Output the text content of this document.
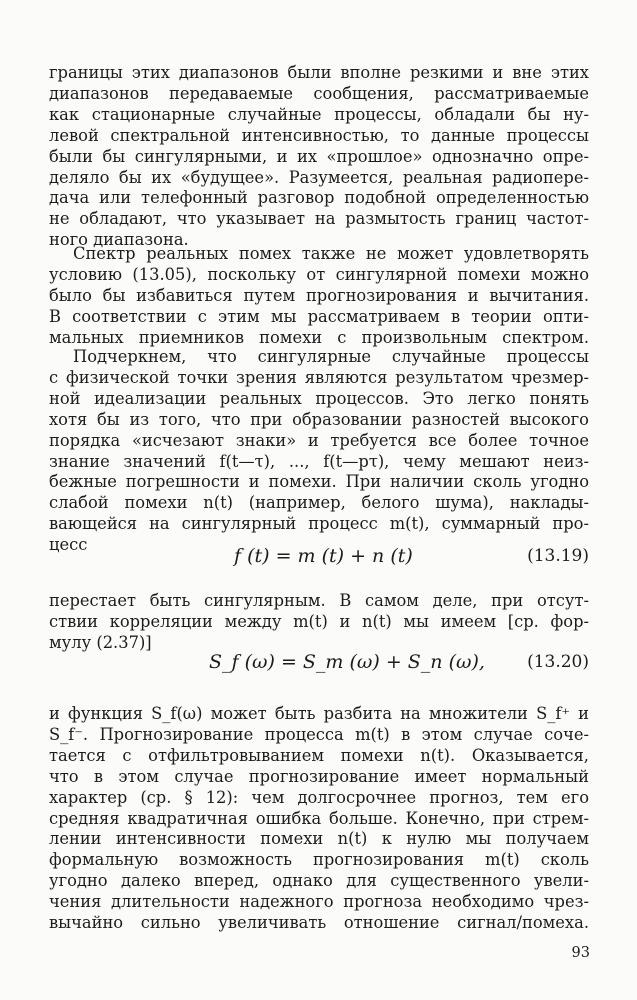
границы этих диапазонов были вполне резкими и вне этих
диапазонов передаваемые сообщения, рассматриваемые
как стационарные случайные процессы, обладали бы ну-
левой спектральной интенсивностью, то данные процессы
были бы сингулярными, и их «прошлое» однозначно опре-
деляло бы их «будущее». Разумеется, реальная радиопере-
дача или телефонный разговор подобной определенностью
не обладают, что указывает на размытость границ частот-
ного диапазона.

Спектр реальных помех также не может удовлетворять
условию (13.05), поскольку от сингулярной помехи можно
было бы избавиться путем прогнозирования и вычитания.
В соответствии с этим мы рассматриваем в теории опти-
мальных приемников помехи с произвольным спектром.

Подчеркнем, что сингулярные случайные процессы
с физической точки зрения являются результатом чрезмер-
ной идеализации реальных процессов. Это легко понять
хотя бы из того, что при образовании разностей высокого
порядка «исчезают знаки» и требуется все более точное
знание значений f(t—τ), ..., f(t—pτ), чему мешают неиз-
бежные погрешности и помехи. При наличии сколь угодно
слабой помехи n(t) (например, белого шума), наклады-
вающейся на сингулярный процесс m(t), суммарный про-
цесс

f (t) = m (t) + n (t)	(13.19)

перестает быть сингулярным. В самом деле, при отсут-
ствии корреляции между m(t) и n(t) мы имеем [ср. фор-
мулу (2.37)]

S_f (ω) = S_m (ω) + S_n (ω), (13.20)

и функция S_f(ω) может быть разбита на множители S_f⁺ и
S_f⁻. Прогнозирование процесса m(t) в этом случае соче-
тается с отфильтровыванием помехи n(t). Оказывается,
что в этом случае прогнозирование имеет нормальный
характер (ср. § 12): чем долгосрочнее прогноз, тем его
средняя квадратичная ошибка больше. Конечно, при стрем-
лении интенсивности помехи n(t) к нулю мы получаем
формальную возможность прогнозирования m(t) сколь
угодно далеко вперед, однако для существенного увели-
чения длительности надежного прогноза необходимо чрез-
вычайно сильно увеличивать отношение сигнал/помеха.

93
